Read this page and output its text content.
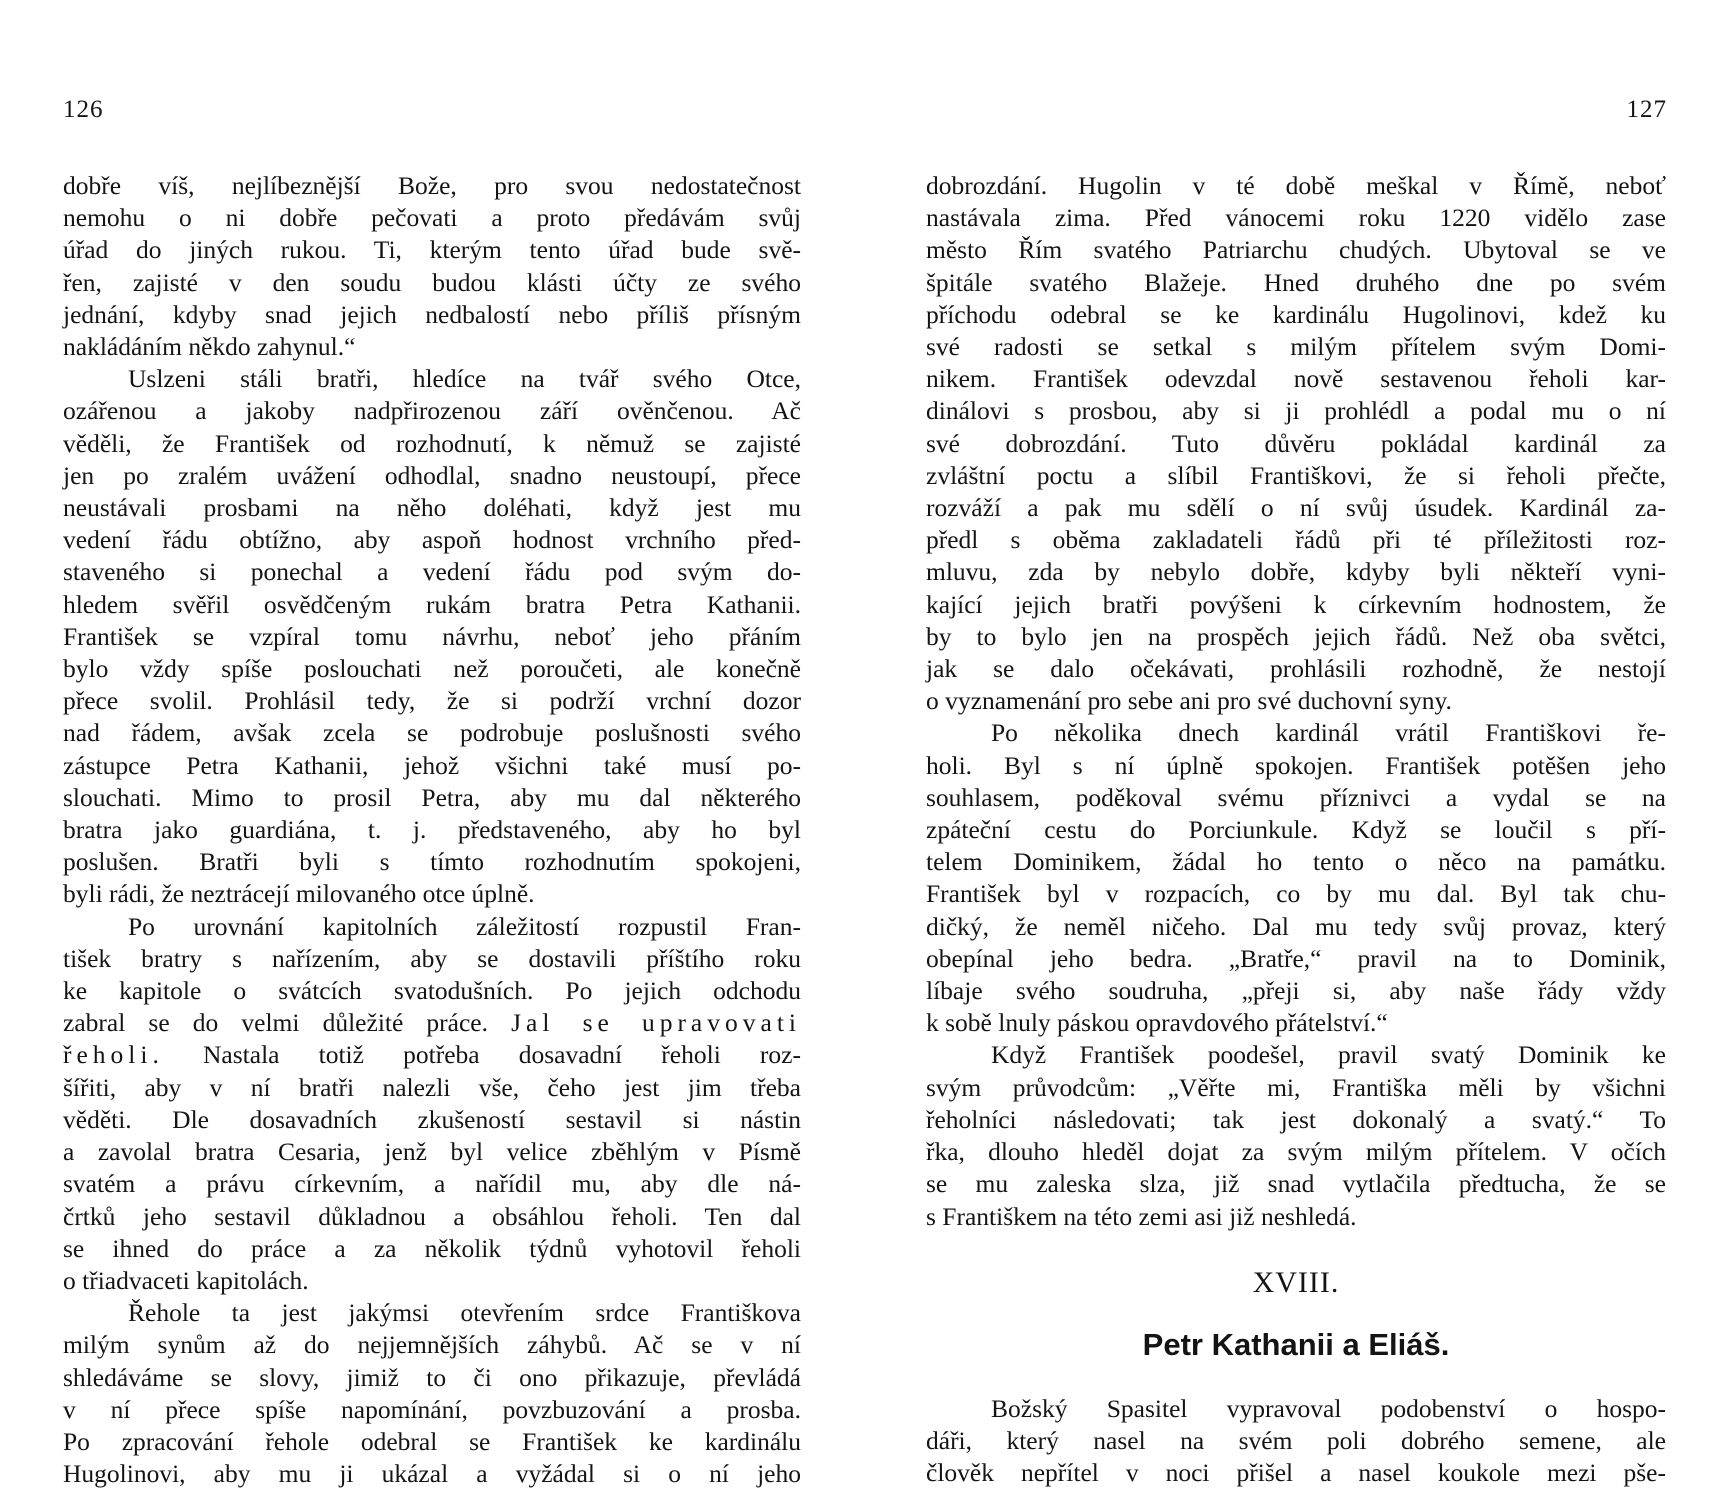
126
dobře víš, nejlíbeznější Bože, pro svou nedostatečnost
nemohu o ni dobře pečovati a proto předávám svůj
úřad do jiných rukou. Ti, kterým tento úřad bude svě-
řen, zajisté v den soudu budou klásti účty ze svého
jednání, kdyby snad jejich nedbalostí nebo příliš přísným
nakládáním někdo zahynul.“
Uslzeni stáli bratři, hledíce na tvář svého Otce,
ozářenou a jakoby nadpřirozenou září ověnčenou. Ač
věděli, že František od rozhodnutí, k němuž se zajisté
jen po zralém uvážení odhodlal, snadno neustoupí, přece
neustávali prosbami na něho doléhati, když jest mu
vedení řádu obtížno, aby aspoň hodnost vrchního před-
staveného si ponechal a vedení řádu pod svým do-
hledem svěřil osvědčeným rukám bratra Petra Kathanii.
František se vzpíral tomu návrhu, neboť jeho přáním
bylo vždy spíše poslouchati než poroučeti, ale konečně
přece svolil. Prohlásil tedy, že si podrží vrchní dozor
nad řádem, avšak zcela se podrobuje poslušnosti svého
zástupce Petra Kathanii, jehož všichni také musí po-
slouchati. Mimo to prosil Petra, aby mu dal některého
bratra jako guardiána, t. j. představeného, aby ho byl
poslušen. Bratři byli s tímto rozhodnutím spokojeni,
byli rádi, že neztrácejí milovaného otce úplně.
Po urovnání kapitolních záležitostí rozpustil Fran-
tišek bratry s nařízením, aby se dostavili příštího roku
ke kapitole o svátcích svatodušních. Po jejich odchodu
zabral se do velmi důležité práce. Jal se upravovati
řeholi. Nastala totiž potřeba dosavadní řeholi roz-
šířiti, aby v ní bratři nalezli vše, čeho jest jim třeba
věděti. Dle dosavadních zkušeností sestavil si nástin
a zavolal bratra Cesaria, jenž byl velice zběhlým v Písmě
svatém a právu církevním, a nařídil mu, aby dle ná-
črtků jeho sestavil důkladnou a obsáhlou řeholi. Ten dal
se ihned do práce a za několik týdnů vyhotovil řeholi
o třiadvaceti kapitolách.
Řehole ta jest jakýmsi otevřením srdce Františkova
milým synům až do nejjemnějších záhybů. Ač se v ní
shledáváme se slovy, jimiž to či ono přikazuje, převládá
v ní přece spíše napomínání, povzbuzování a prosba.
Po zpracování řehole odebral se František ke kardinálu
Hugolinovi, aby mu ji ukázal a vyžádal si o ní jeho
127
dobrozdání. Hugolin v té době meškal v Římě, neboť
nastávala zima. Před vánocemi roku 1220 vidělo zase
město Řím svatého Patriarchu chudých. Ubytoval se ve
špitále svatého Blažeje. Hned druhého dne po svém
příchodu odebral se ke kardinálu Hugolinovi, kdež ku
své radosti se setkal s milým přítelem svým Domi-
nikem. František odevzdal nově sestavenou řeholi kar-
dinálovi s prosbou, aby si ji prohlédl a podal mu o ní
své dobrozdání. Tuto důvěru pokládal kardinál za
zvláštní poctu a slíbil Františkovi, že si řeholi přečte,
rozváží a pak mu sdělí o ní svůj úsudek. Kardinál za-
předl s oběma zakladateli řádů při té příležitosti roz-
mluvu, zda by nebylo dobře, kdyby byli někteří vyni-
kající jejich bratři povýšeni k církevním hodnostem, že
by to bylo jen na prospěch jejich řádů. Než oba světci,
jak se dalo očekávati, prohlásili rozhodně, že nestojí
o vyznamenání pro sebe ani pro své duchovní syny.
Po několika dnech kardinál vrátil Františkovi ře-
holi. Byl s ní úplně spokojen. František potěšen jeho
souhlasem, poděkoval svému příznivci a vydal se na
zpáteční cestu do Porciunkule. Když se loučil s pří-
telem Dominikem, žádal ho tento o něco na památku.
František byl v rozpacích, co by mu dal. Byl tak chu-
dičký, že neměl ničeho. Dal mu tedy svůj provaz, který
obepínal jeho bedra. „Bratře,“ pravil na to Dominik,
líbaje svého soudruha, „přeji si, aby naše řády vždy
k sobě lnuly páskou opravdového přátelství.“
Když František poodešel, pravil svatý Dominik ke
svým průvodcům: „Věřte mi, Františka měli by všichni
řeholníci následovati; tak jest dokonalý a svatý.“ To
řka, dlouho hleděl dojat za svým milým přítelem. V očích
se mu zaleska slza, již snad vytlačila předtucha, že se
s Františkem na této zemi asi již neshledá.
XVIII.
Petr Kathanii a Eliáš.
Božský Spasitel vypravoval podobenství o hospo-
dáři, který nasel na svém poli dobrého semene, ale
člověk nepřítel v noci přišel a nasel koukole mezi pše-
